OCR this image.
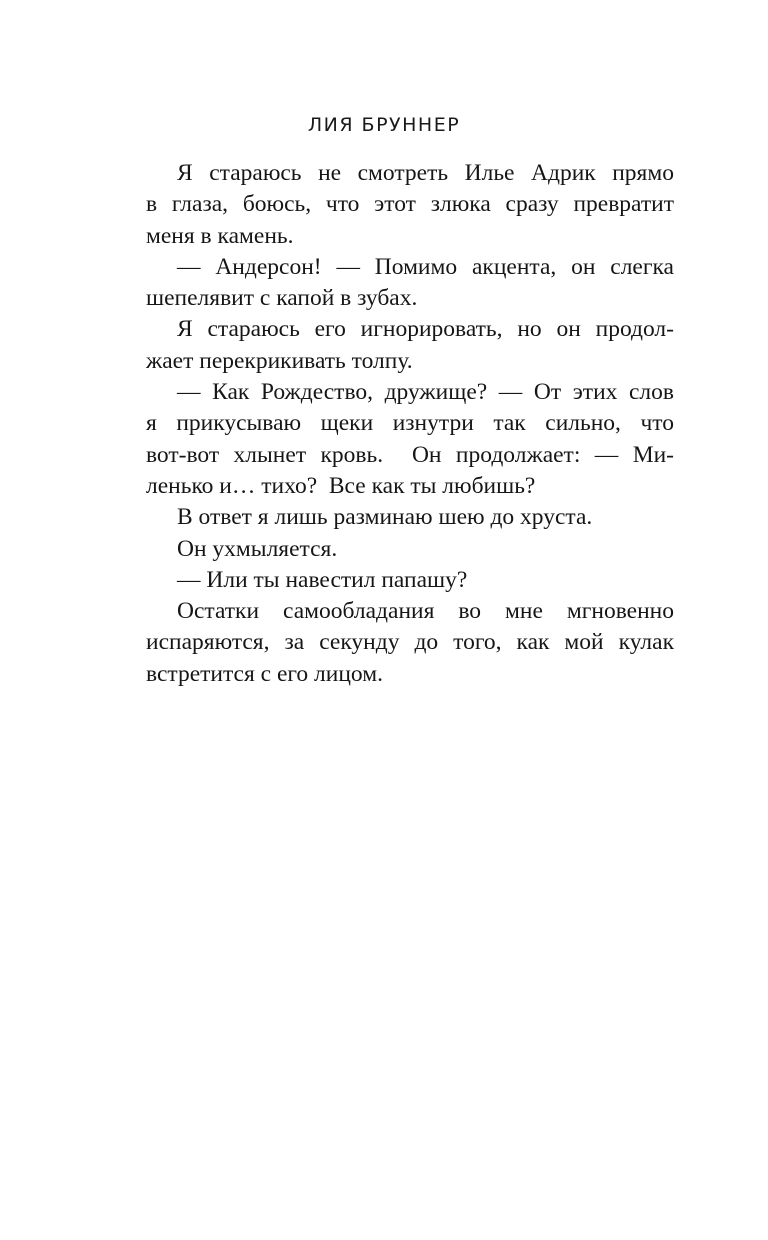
ЛИЯ БРУННЕР
Я стараюсь не смотреть Илье Адрик прямо
в глаза, боюсь, что этот злюка сразу превратит
меня в камень.
— Андерсон! — Помимо акцента, он слегка
шепелявит с капой в зубах.
Я стараюсь его игнорировать, но он продол-
жает перекрикивать толпу.
— Как Рождество, дружище? — От этих слов
я прикусываю щеки изнутри так сильно, что
вот-вот хлынет кровь.  Он продолжает: — Ми-
ленько и… тихо?  Все как ты любишь?
В ответ я лишь разминаю шею до хруста.
Он ухмыляется.
— Или ты навестил папашу?
Остатки самообладания во мне мгновенно
испаряются, за секунду до того, как мой кулак
встретится с его лицом.
